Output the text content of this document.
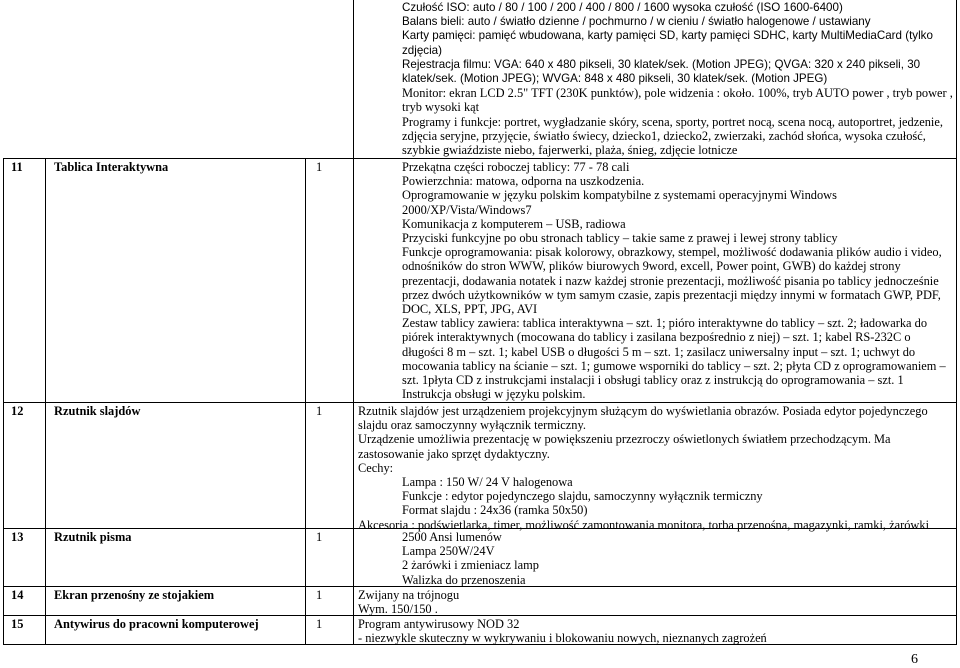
Czułość ISO: auto / 80 / 100 / 200 / 400 / 800 / 1600 wysoka czułość (ISO 1600-6400)
Balans bieli: auto / światło dzienne / pochmurno / w cieniu / światło halogenowe / ustawiany
Karty pamięci: pamięć wbudowana, karty pamięci SD, karty pamięci SDHC, karty MultiMediaCard (tylko zdjęcia)
Rejestracja filmu: VGA: 640 x 480 pikseli, 30 klatek/sek. (Motion JPEG); QVGA: 320 x 240 pikseli, 30 klatek/sek. (Motion JPEG); WVGA: 848 x 480 pikseli, 30 klatek/sek. (Motion JPEG)
Monitor: ekran LCD 2.5" TFT (230K punktów), pole widzenia : około. 100%, tryb AUTO power , tryb power , tryb wysoki kąt
Programy i funkcje: portret, wygładzanie skóry, scena, sporty, portret nocą, scena nocą, autoportret, jedzenie, zdjęcia seryjne, przyjęcie, światło świecy, dziecko1, dziecko2, zwierzaki, zachód słońca, wysoka czułość, szybkie gwiaździste niebo, fajerwerki, plaża, śnieg, zdjęcie lotnicze
11	Tablica Interaktywna	1	Przekątna części roboczej tablicy: 77 - 78 cali
Powierzchnia: matowa, odporna na uszkodzenia.
Oprogramowanie w języku polskim kompatybilne z systemami operacyjnymi Windows 2000/XP/Vista/Windows7
Komunikacja z komputerem – USB, radiowa
Przyciski funkcyjne po obu stronach tablicy – takie same z prawej i lewej strony tablicy
Funkcje oprogramowania: pisak kolorowy, obrazkowy, stempel, możliwość dodawania plików audio i video, odnośników do stron WWW, plików biurowych 9word, excell, Power point, GWB) do każdej strony prezentacji, dodawania notatek i nazw każdej stronie prezentacji, możliwość pisania po tablicy jednocześnie przez dwóch użytkowników w tym samym czasie, zapis prezentacji między innymi w formatach GWP, PDF, DOC, XLS, PPT, JPG, AVI
Zestaw tablicy zawiera: tablica interaktywna – szt. 1; pióro interaktywne do tablicy – szt. 2; ładowarka do piórek interaktywnych (mocowana do tablicy i zasilana bezpośrednio z niej) – szt. 1; kabel RS-232C o długości 8 m – szt. 1; kabel USB o długości 5 m – szt. 1; zasilacz uniwersalny input – szt. 1; uchwyt do mocowania tablicy na ścianie – szt. 1; gumowe wsporniki do tablicy – szt. 2; płyta CD z oprogramowaniem – szt. 1płyta CD z instrukcjami instalacji i obsługi tablicy oraz z instrukcją do oprogramowania – szt. 1 Instrukcja obsługi w języku polskim.
12 Rzutnik slajdów	1	Rzutnik slajdów jest urządzeniem projekcyjnym służącym do wyświetlania obrazów. Posiada edytor pojedynczego slajdu oraz samoczynny wyłącznik termiczny.
Urządzenie umożliwia prezentację w powiększeniu przezroczy oświetlonych światłem przechodzącym. Ma zastosowanie jako sprzęt dydaktyczny.
Cechy:
Lampa : 150 W/ 24 V halogenowa
Funkcje : edytor pojedynczego slajdu, samoczynny wyłącznik termiczny
Format slajdu : 24x36 (ramka 50x50)
Akcesoria : podświetlarka, timer, możliwość zamontowania monitora, torba przenośna, magazynki, ramki, żarówki
13 Rzutnik pisma	1	2500 Ansi lumenów
Lampa 250W/24V
2 żarówki i zmieniacz lamp
Walizka do przenoszenia
14 Ekran przenośny ze stojakiem	1	Zwijany na trójnogu
Wym. 150/150 .
15 Antywirus do pracowni komputerowej	1	Program antywirusowy NOD 32
- niezwykle skuteczny w wykrywaniu i blokowaniu nowych, nieznanych zagrożeń
6
